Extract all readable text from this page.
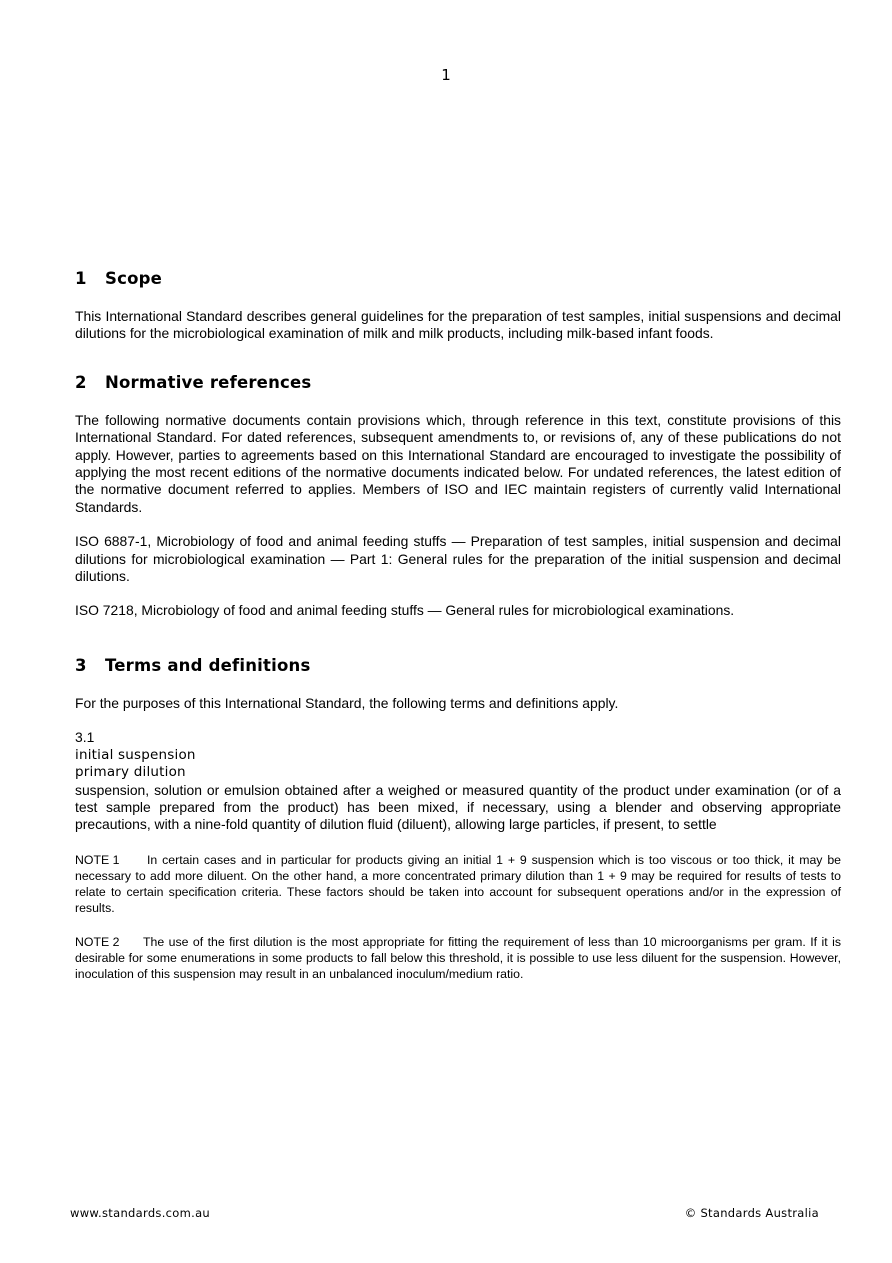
1
1 Scope

This International Standard describes general guidelines for the preparation of test samples, initial suspensions and decimal dilutions for the microbiological examination of milk and milk products, including milk-based infant foods.

2 Normative references

The following normative documents contain provisions which, through reference in this text, constitute provisions of this International Standard. For dated references, subsequent amendments to, or revisions of, any of these publications do not apply. However, parties to agreements based on this International Standard are encouraged to investigate the possibility of applying the most recent editions of the normative documents indicated below. For undated references, the latest edition of the normative document referred to applies. Members of ISO and IEC maintain registers of currently valid International Standards.

ISO 6887-1, Microbiology of food and animal feeding stuffs — Preparation of test samples, initial suspension and decimal dilutions for microbiological examination — Part 1: General rules for the preparation of the initial suspension and decimal dilutions.

ISO 7218, Microbiology of food and animal feeding stuffs — General rules for microbiological examinations.

3 Terms and definitions

For the purposes of this International Standard, the following terms and definitions apply.

3.1
initial suspension
primary dilution

suspension, solution or emulsion obtained after a weighed or measured quantity of the product under examination (or of a test sample prepared from the product) has been mixed, if necessary, using a blender and observing appropriate precautions, with a nine-fold quantity of dilution fluid (diluent), allowing large particles, if present, to settle

NOTE 1 In certain cases and in particular for products giving an initial 1 + 9 suspension which is too viscous or too thick, it may be necessary to add more diluent. On the other hand, a more concentrated primary dilution than 1 + 9 may be required for results of tests to relate to certain specification criteria. These factors should be taken into account for subsequent operations and/or in the expression of results.

NOTE 2 The use of the first dilution is the most appropriate for fitting the requirement of less than 10 microorganisms per gram. If it is desirable for some enumerations in some products to fall below this threshold, it is possible to use less diluent for the suspension. However, inoculation of this suspension may result in an unbalanced inoculum/medium ratio.

www.standards.com.au	© Standards Australia
